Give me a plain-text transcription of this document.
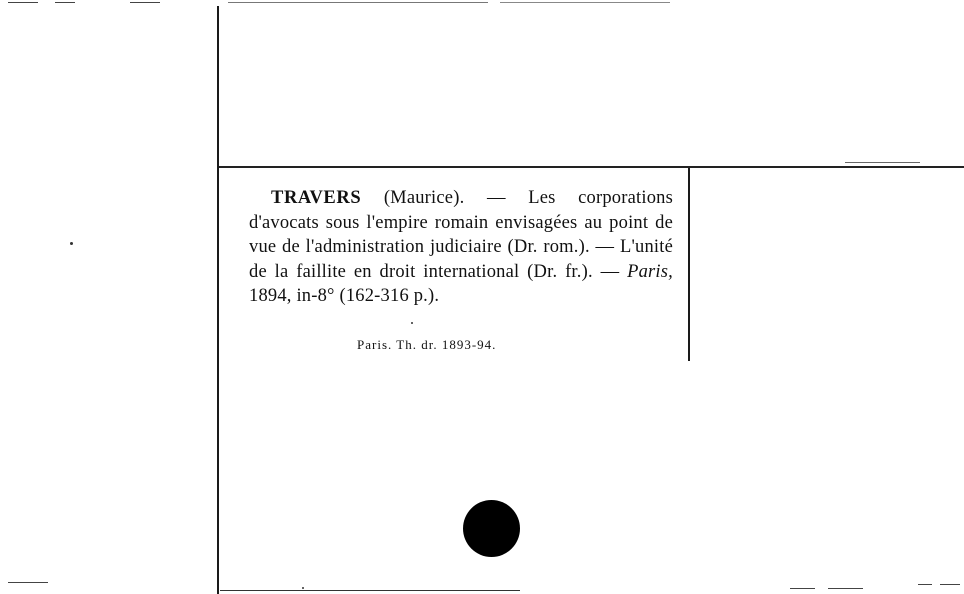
TRAVERS (Maurice). — Les corporations d'avocats sous l'empire romain envisagées au point de vue de l'administration judiciaire (Dr. rom.). — L'unité de la faillite en droit international (Dr. fr.). — Paris, 1894, in-8° (162-316 p.).

Paris. Th. dr. 1893-94.
